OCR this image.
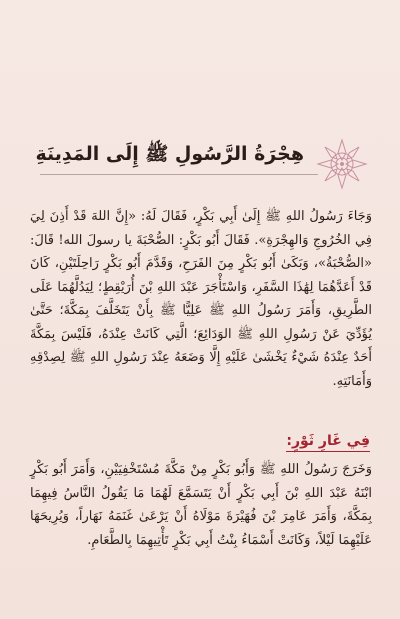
هِجْرَةُ الرَّسُولِ ﷺ إِلَى المَدِينَةِ

وَجَاءَ رَسُولُ اللهِ ﷺ إِلَىٰ أَبِي بَكْرٍ، فَقَالَ لَهُ: «إِنَّ اللهَ قَدْ أَذِنَ لِيَ فِي الخُرُوجِ وَالهِجْرَةِ». فَقَالَ أَبُو بَكْرٍ: الصُّحْبَةَ يا رسولَ الله! قَالَ: «الصُّحْبَةُ»، وَبَكَىٰ أَبُو بَكْرٍ مِنَ الفَرَحِ، وَقَدَّمَ أَبُو بَكْرٍ رَاحِلَتَيْنِ، كَانَ قَدْ أَعَدَّهُمَا لِهَٰذَا السَّفَرِ، وَاسْتَأْجَرَ عَبْدَ اللهِ بْنَ أُرَيْقِطٍ؛ لِيَدُلَّهُمَا عَلَى الطَّرِيقِ، وَأَمَرَ رَسُولُ اللهِ ﷺ عَلِيًّا ﷺ بِأَنْ يَتَخَلَّفَ بِمَكَّةَ؛ حَتَّىٰ يُؤَدِّيَ عَنْ رَسُولِ اللهِ ﷺ الوَدَائِعَ؛ الَّتِي كَانَتْ عِنْدَهُ، فَلَيْسَ بِمَكَّةَ أَحَدٌ عِنْدَهُ شَيْءٌ يَخْشَىٰ عَلَيْهِ إِلَّا وَضَعَهُ عِنْدَ رَسُولِ اللهِ ﷺ لِصِدْقِهِ وَأَمَانَتِهِ.

فِي غَارِ ثَوْرٍ:

وَخَرَجَ رَسُولُ اللهِ ﷺ وَأَبُو بَكْرٍ مِنْ مَكَّةَ مُسْتَخْفِيَيْنِ، وَأَمَرَ أَبُو بَكْرٍ ابْنَهُ عَبْدَ اللهِ بْنَ أَبِي بَكْرٍ أَنْ يَتَسَمَّعَ لَهُمَا مَا يَقُولُ النَّاسُ فِيهِمَا بِمَكَّةَ، وَأَمَرَ عَامِرَ بْنَ فُهَيْرَةَ مَوْلَاهُ أَنْ يَرْعَىٰ غَنَمَهُ نَهَاراً، وَيُرِيحَهَا عَلَيْهِمَا لَيْلاً، وَكَانَتْ أَسْمَاءُ بِنْتُ أَبِي بَكْرٍ تَأْتِيهِمَا بِالطَّعَامِ.
